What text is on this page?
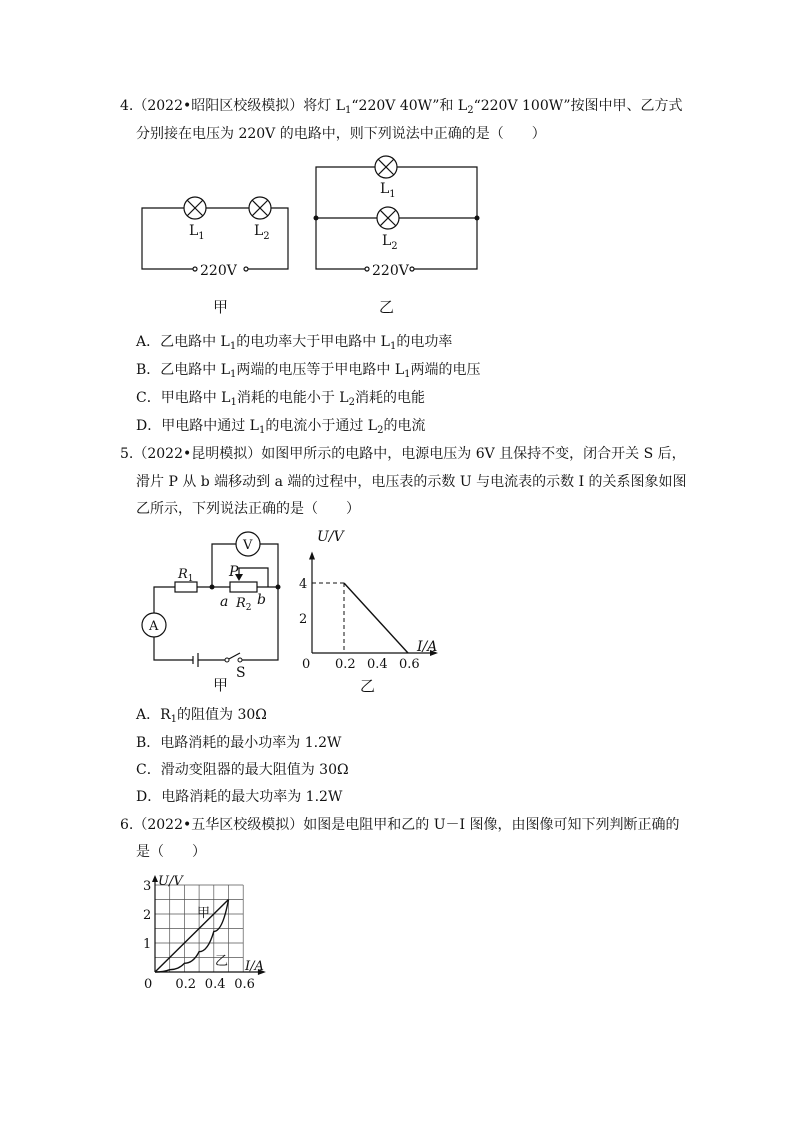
4.（2022•昭阳区校级模拟）将灯 $L_1“220V$ 40W”和 $L_2“220V$ 100W”按图中甲、乙方式
分别接在电压为 220V 的电路中，则下列说法中正确的是（　　）
$L_1$	$L_2$
220V
甲
$L_1$
$L_2$
220V
乙
A．乙电路中 $L_1$的电功率大于甲电路中 $L_1$的电功率
B．乙电路中 $L_1$两端的电压等于甲电路中 $L_1$两端的电压
C．甲电路中 $L_1$消耗的电能小于 $L_2$消耗的电能
D．甲电路中通过 $L_1$的电流小于通过 $L_2$的电流
5.（2022•昆明模拟）如图甲所示的电路中，电源电压为 6V 且保持不变，闭合开关 S 后，
滑片 P 从 b 端移动到 a 端的过程中，电压表的示数 U 与电流表的示数 I 的关系图象如图
乙所示，下列说法正确的是（　　）
V
A
$R_1$	P
a $R_2$ b
S
甲
0 0.2 0.4 0.6
2
4
I/A
U/V
乙
A．$R_1$的阻值为 30Ω
B．电路消耗的最小功率为 1.2W
C．滑动变阻器的最大阻值为 30Ω
D．电路消耗的最大功率为 1.2W
6.（2022•五华区校级模拟）如图是电阻甲和乙的 U－I 图像，由图像可知下列判断正确的
是（　　）
0 0.2 0.4 0.6
1
2
3
I/A
U/V
甲
乙
